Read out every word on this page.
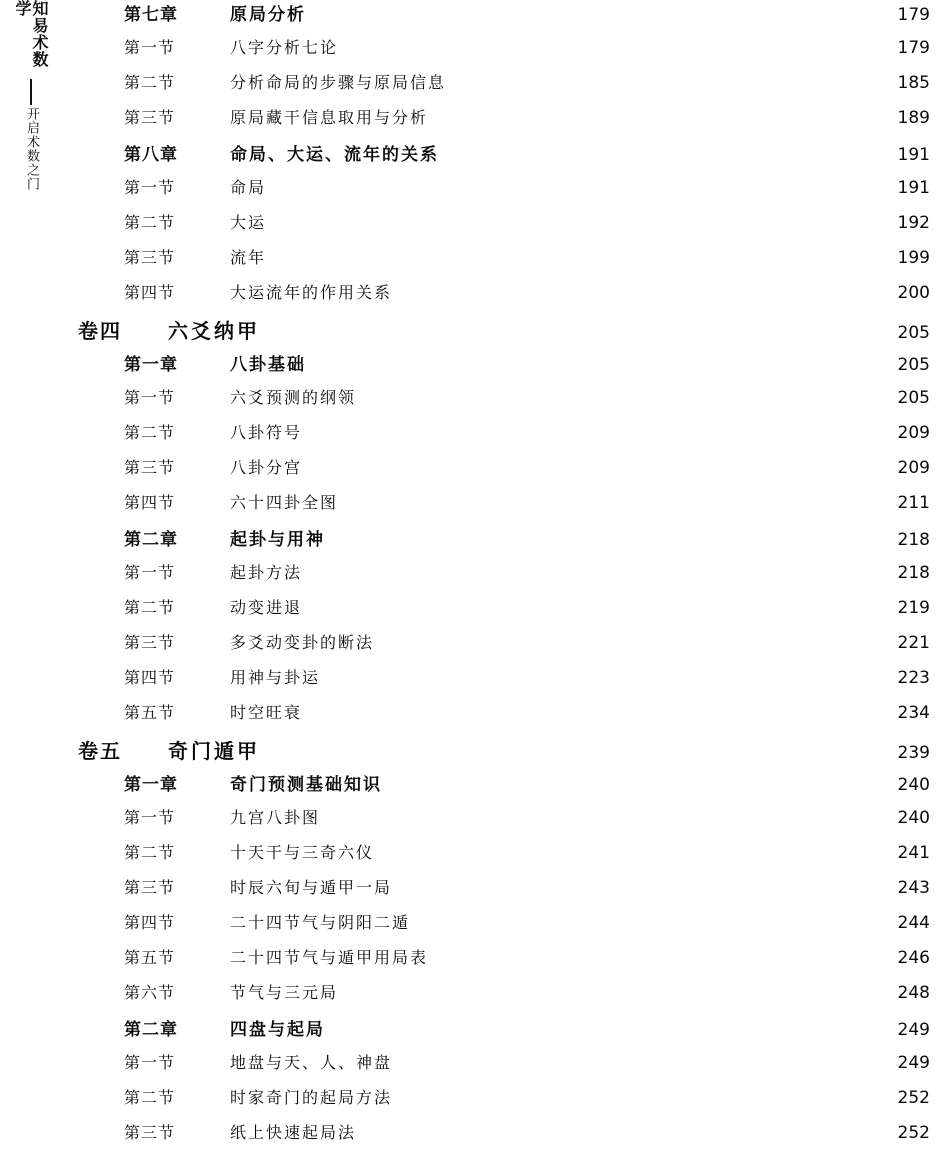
知易术数学
开启术数之门
第七章	原局分析	179
第一节	八字分析七论	179
第二节	分析命局的步骤与原局信息	185
第三节	原局藏干信息取用与分析	189
第八章	命局、大运、流年的关系	191
第一节	命局	191
第二节	大运	192
第三节	流年	199
第四节	大运流年的作用关系	200
卷四	六爻纳甲	205
第一章	八卦基础	205
第一节	六爻预测的纲领	205
第二节	八卦符号	209
第三节	八卦分宫	209
第四节	六十四卦全图	211
第二章	起卦与用神	218
第一节	起卦方法	218
第二节	动变进退	219
第三节	多爻动变卦的断法	221
第四节	用神与卦运	223
第五节	时空旺衰	234
卷五	奇门遁甲	239
第一章	奇门预测基础知识	240
第一节	九宫八卦图	240
第二节	十天干与三奇六仪	241
第三节	时辰六旬与遁甲一局	243
第四节	二十四节气与阴阳二遁	244
第五节	二十四节气与遁甲用局表	246
第六节	节气与三元局	248
第二章	四盘与起局	249
第一节	地盘与天、人、神盘	249
第二节	时家奇门的起局方法	252
第三节	纸上快速起局法	252
